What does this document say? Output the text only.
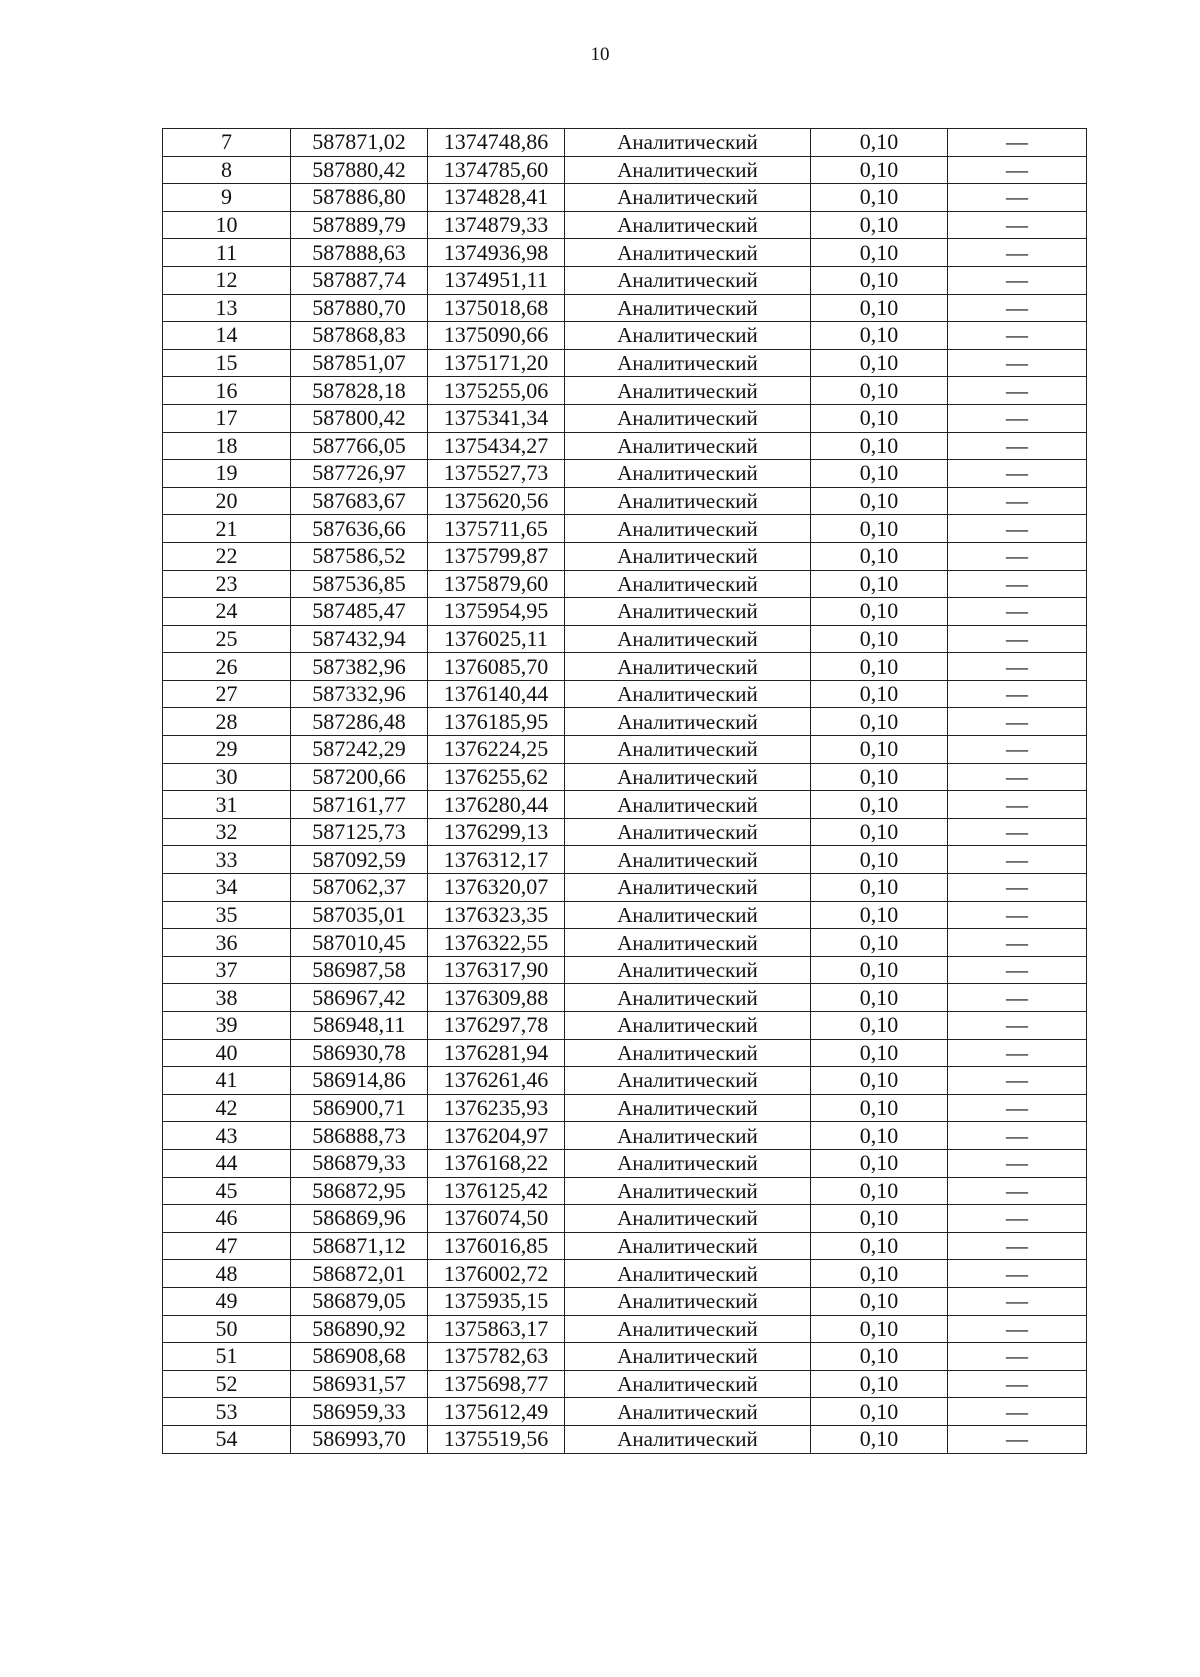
10
7	587871,02	1374748,86	Аналитический	0,10	—
8	587880,42	1374785,60	Аналитический	0,10	—
9	587886,80	1374828,41	Аналитический	0,10	—
10	587889,79	1374879,33	Аналитический	0,10	—
11	587888,63	1374936,98	Аналитический	0,10	—
12	587887,74	1374951,11	Аналитический	0,10	—
13	587880,70	1375018,68	Аналитический	0,10	—
14	587868,83	1375090,66	Аналитический	0,10	—
15	587851,07	1375171,20	Аналитический	0,10	—
16	587828,18	1375255,06	Аналитический	0,10	—
17	587800,42	1375341,34	Аналитический	0,10	—
18	587766,05	1375434,27	Аналитический	0,10	—
19	587726,97	1375527,73	Аналитический	0,10	—
20	587683,67	1375620,56	Аналитический	0,10	—
21	587636,66	1375711,65	Аналитический	0,10	—
22	587586,52	1375799,87	Аналитический	0,10	—
23	587536,85	1375879,60	Аналитический	0,10	—
24	587485,47	1375954,95	Аналитический	0,10	—
25	587432,94	1376025,11	Аналитический	0,10	—
26	587382,96	1376085,70	Аналитический	0,10	—
27	587332,96	1376140,44	Аналитический	0,10	—
28	587286,48	1376185,95	Аналитический	0,10	—
29	587242,29	1376224,25	Аналитический	0,10	—
30	587200,66	1376255,62	Аналитический	0,10	—
31	587161,77	1376280,44	Аналитический	0,10	—
32	587125,73	1376299,13	Аналитический	0,10	—
33	587092,59	1376312,17	Аналитический	0,10	—
34	587062,37	1376320,07	Аналитический	0,10	—
35	587035,01	1376323,35	Аналитический	0,10	—
36	587010,45	1376322,55	Аналитический	0,10	—
37	586987,58	1376317,90	Аналитический	0,10	—
38	586967,42	1376309,88	Аналитический	0,10	—
39	586948,11	1376297,78	Аналитический	0,10	—
40	586930,78	1376281,94	Аналитический	0,10	—
41	586914,86	1376261,46	Аналитический	0,10	—
42	586900,71	1376235,93	Аналитический	0,10	—
43	586888,73	1376204,97	Аналитический	0,10	—
44	586879,33	1376168,22	Аналитический	0,10	—
45	586872,95	1376125,42	Аналитический	0,10	—
46	586869,96	1376074,50	Аналитический	0,10	—
47	586871,12	1376016,85	Аналитический	0,10	—
48	586872,01	1376002,72	Аналитический	0,10	—
49	586879,05	1375935,15	Аналитический	0,10	—
50	586890,92	1375863,17	Аналитический	0,10	—
51	586908,68	1375782,63	Аналитический	0,10	—
52	586931,57	1375698,77	Аналитический	0,10	—
53	586959,33	1375612,49	Аналитический	0,10	—
54	586993,70	1375519,56	Аналитический	0,10	—
